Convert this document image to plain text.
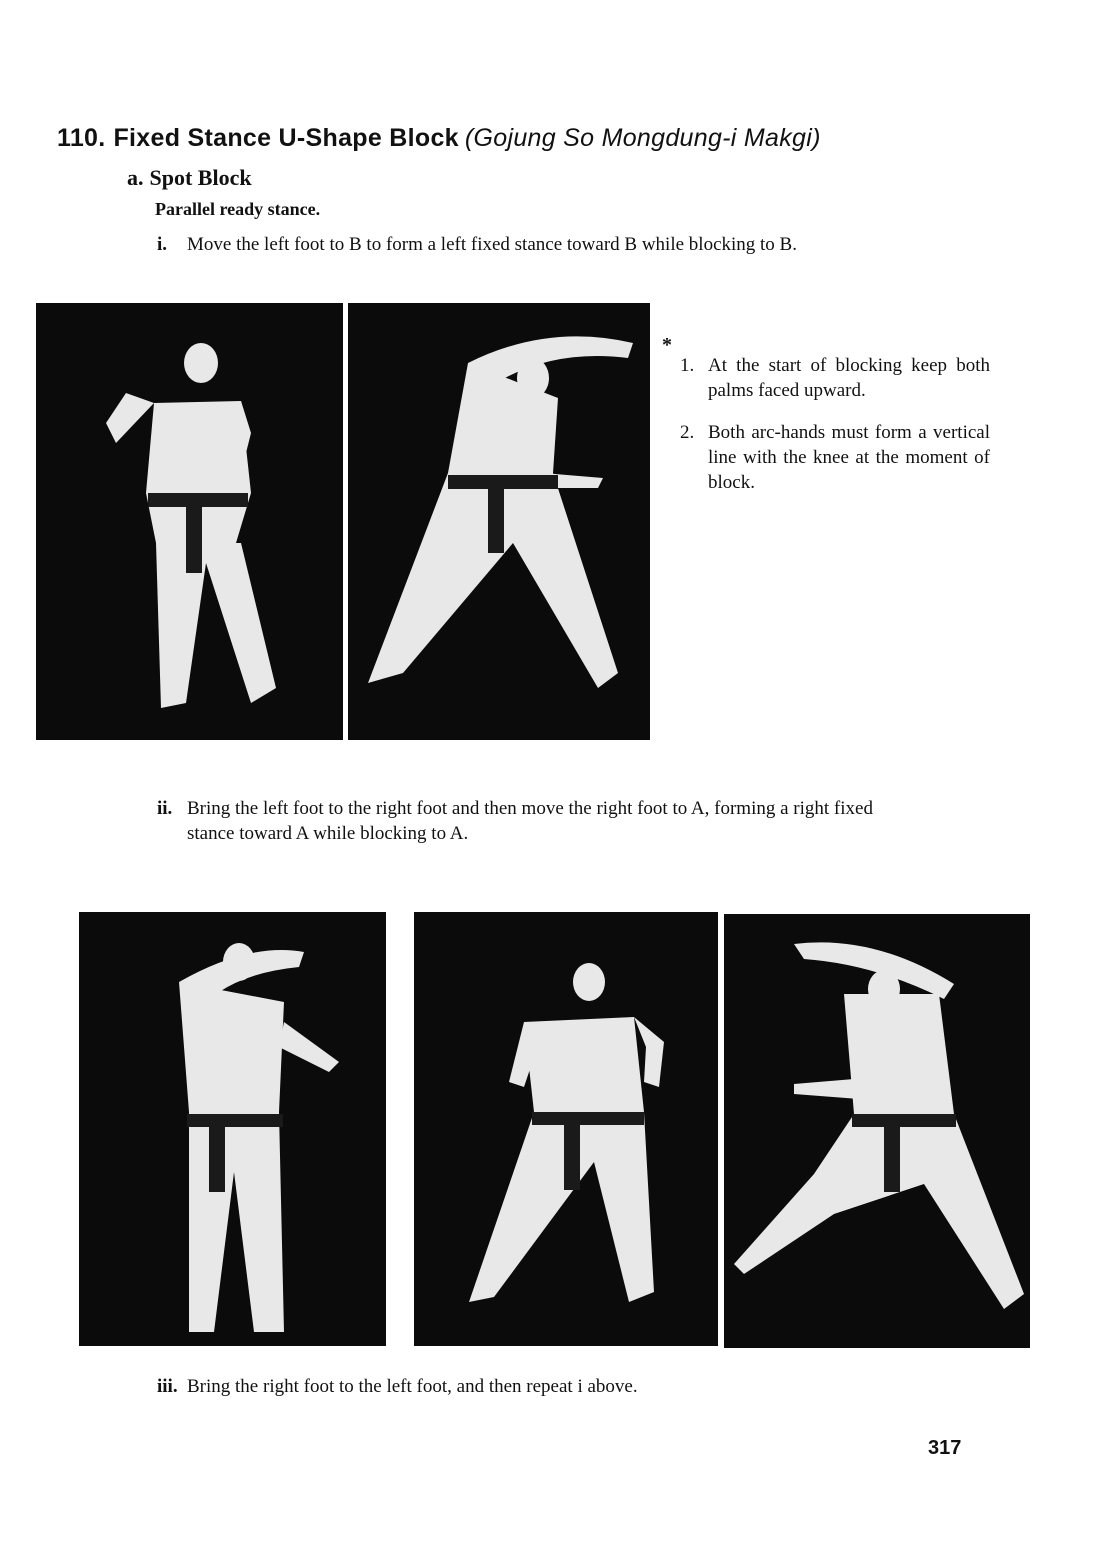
110. Fixed Stance U-Shape Block (Gojung So Mongdung-i Makgi)
a. Spot Block
Parallel ready stance.
i.	Move the left foot to B to form a left fixed stance toward B while blocking to B.
*
1. At the start of blocking keep both palms faced upward.
2. Both arc-hands must form a vertical line with the knee at the moment of block.
ii. Bring the left foot to the right foot and then move the right foot to A, forming a right fixed stance toward A while blocking to A.
iii. Bring the right foot to the left foot, and then repeat i above.
317
